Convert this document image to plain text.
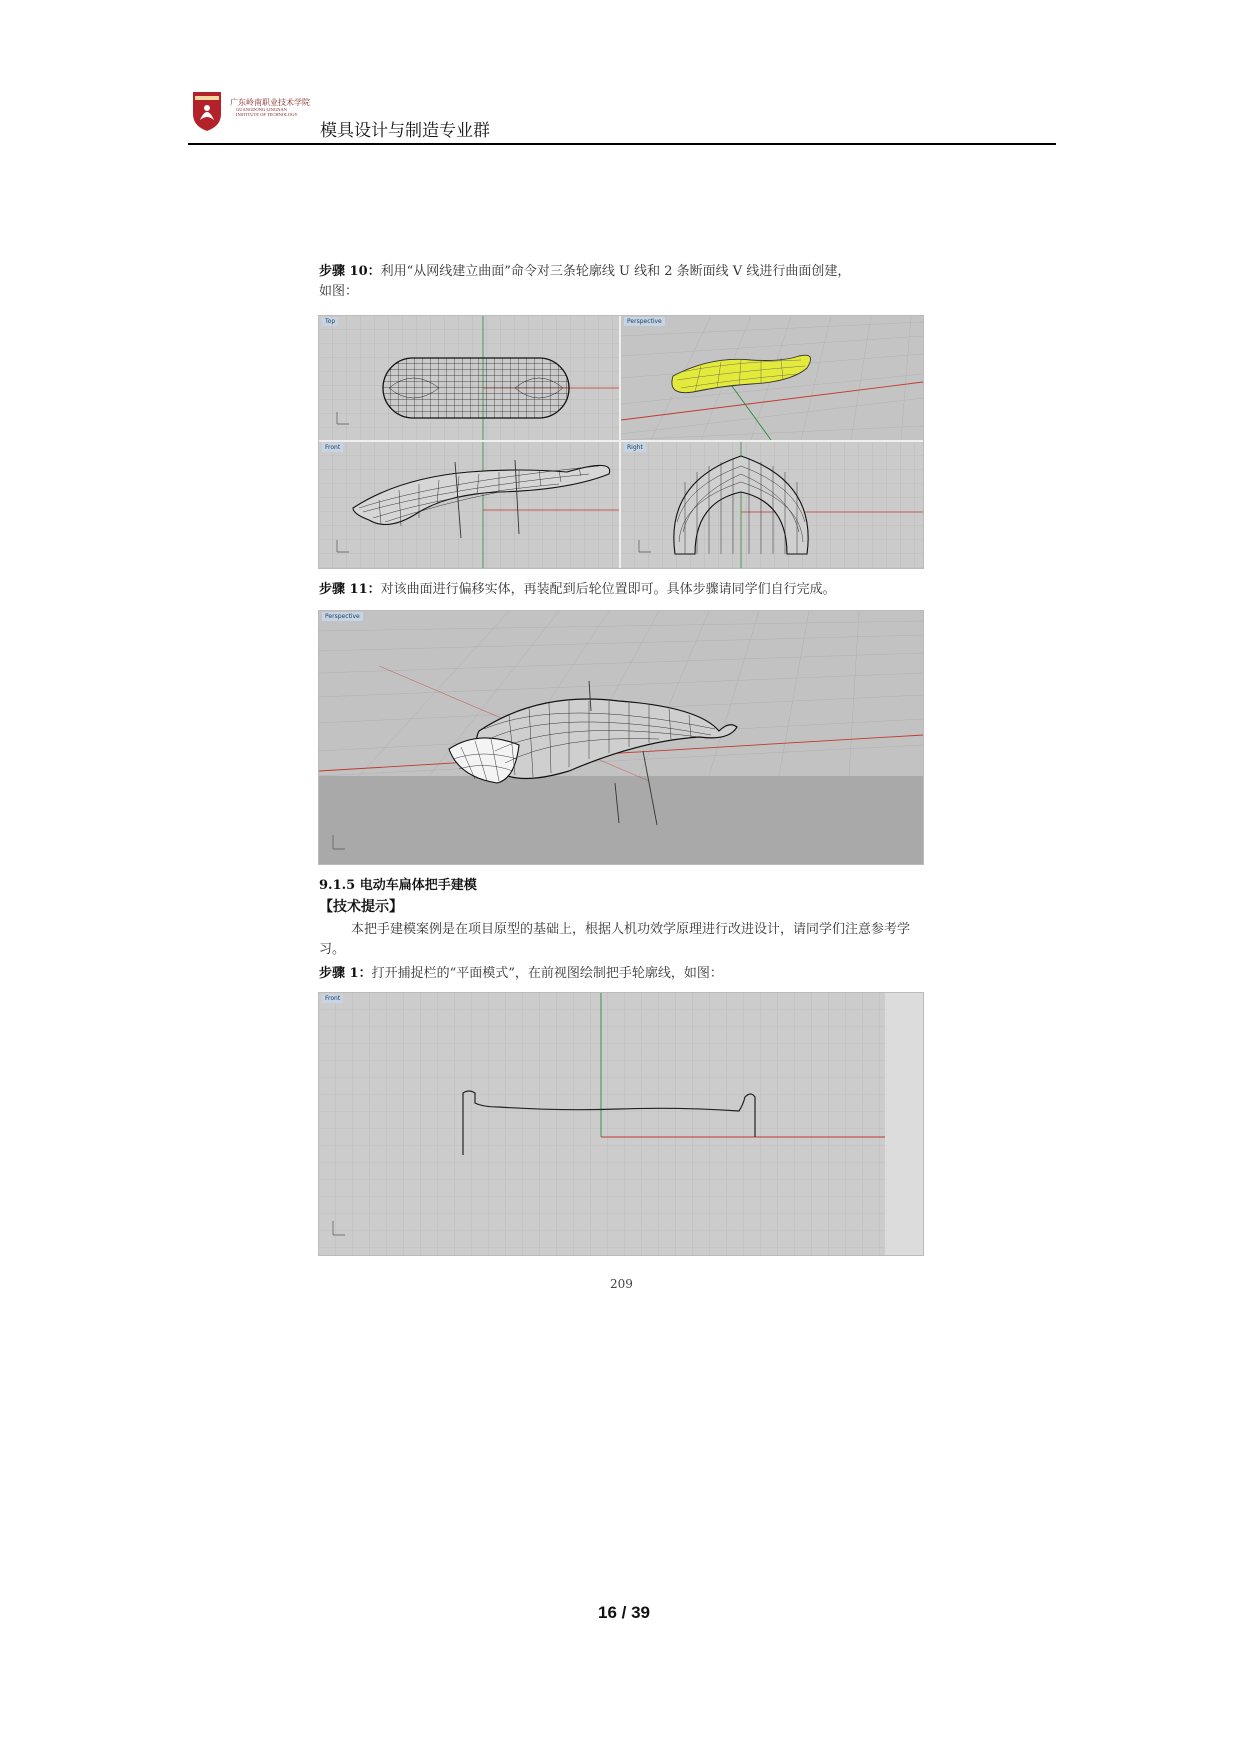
广东岭南职业技术学院
GUANGDONG LINGNAN
INSTITUTE OF TECHNOLOGY
模具设计与制造专业群
步骤 10：利用“从网线建立曲面”命令对三条轮廓线 U 线和 2 条断面线 V 线进行曲面创建，
如图：
Top	Perspective
Front	Right
步骤 11：对该曲面进行偏移实体，再装配到后轮位置即可。具体步骤请同学们自行完成。
Perspective
9.1.5 电动车扁体把手建模
【技术提示】
本把手建模案例是在项目原型的基础上，根据人机功效学原理进行改进设计，请同学们注意参考学习。
步骤 1：打开捕捉栏的“平面模式”，在前视图绘制把手轮廓线，如图：
Front
209
16 / 39
